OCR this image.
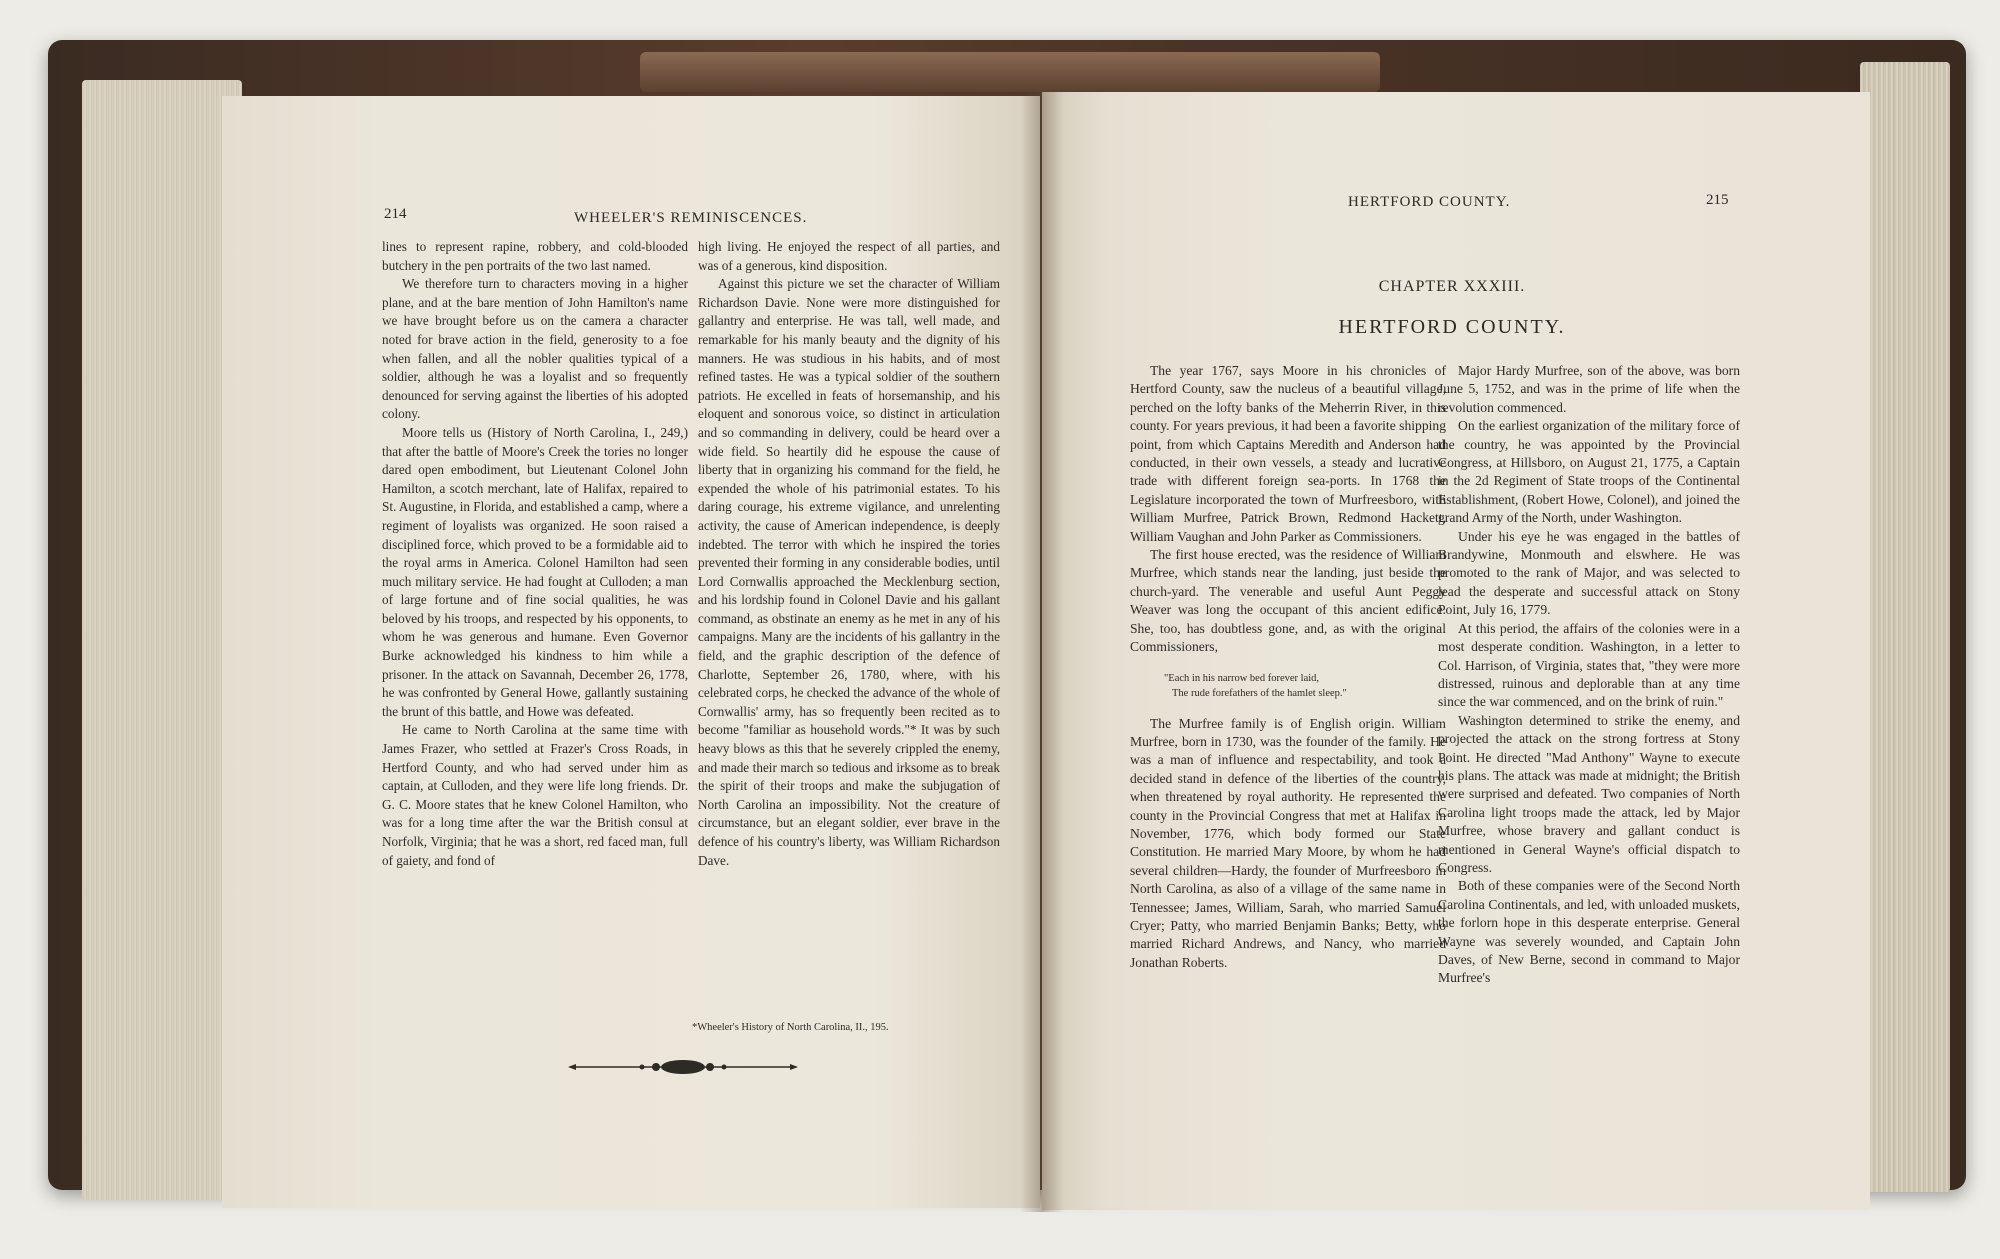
214	WHEELER'S REMINISCENCES.

lines to represent rapine, robbery, and cold-blooded butchery in the pen portraits of the two last named.

We therefore turn to characters moving in a higher plane, and at the bare mention of John Hamilton's name we have brought before us on the camera a character noted for brave action in the field, generosity to a foe when fallen, and all the nobler qualities typical of a soldier, although he was a loyalist and so frequently denounced for serving against the liberties of his adopted colony.

Moore tells us (History of North Carolina, I., 249,) that after the battle of Moore's Creek the tories no longer dared open embodiment, but Lieutenant Colonel John Hamilton, a scotch merchant, late of Halifax, repaired to St. Augustine, in Florida, and established a camp, where a regiment of loyalists was organized. He soon raised a disciplined force, which proved to be a formidable aid to the royal arms in America. Colonel Hamilton had seen much military service. He had fought at Culloden; a man of large fortune and of fine social qualities, he was beloved by his troops, and respected by his opponents, to whom he was generous and humane. Even Governor Burke acknowledged his kindness to him while a prisoner. In the attack on Savannah, December 26, 1778, he was confronted by General Howe, gallantly sustaining the brunt of this battle, and Howe was defeated.

He came to North Carolina at the same time with James Frazer, who settled at Frazer's Cross Roads, in Hertford County, and who had served under him as captain, at Culloden, and they were life long friends. Dr. G. C. Moore states that he knew Colonel Hamilton, who was for a long time after the war the British consul at Norfolk, Virginia; that he was a short, red faced man, full of gaiety, and fond of

high living. He enjoyed the respect of all parties, and was of a generous, kind disposition.

Against this picture we set the character of William Richardson Davie. None were more distinguished for gallantry and enterprise. He was tall, well made, and remarkable for his manly beauty and the dignity of his manners. He was studious in his habits, and of most refined tastes. He was a typical soldier of the southern patriots. He excelled in feats of horsemanship, and his eloquent and sonorous voice, so distinct in articulation and so commanding in delivery, could be heard over a wide field. So heartily did he espouse the cause of liberty that in organizing his command for the field, he expended the whole of his patrimonial estates. To his daring courage, his extreme vigilance, and unrelenting activity, the cause of American independence, is deeply indebted. The terror with which he inspired the tories prevented their forming in any considerable bodies, until Lord Cornwallis approached the Mecklenburg section, and his lordship found in Colonel Davie and his gallant command, as obstinate an enemy as he met in any of his campaigns. Many are the incidents of his gallantry in the field, and the graphic description of the defence of Charlotte, September 26, 1780, where, with his celebrated corps, he checked the advance of the whole of Cornwallis' army, has so frequently been recited as to become "familiar as household words."* It was by such heavy blows as this that he severely crippled the enemy, and made their march so tedious and irksome as to break the spirit of their troops and make the subjugation of North Carolina an impossibility. Not the creature of circumstance, but an elegant soldier, ever brave in the defence of his country's liberty, was William Richardson Dave.

*Wheeler's History of North Carolina, II., 195.
HERTFORD COUNTY.	215
CHAPTER XXXIII.
HERTFORD COUNTY.

The year 1767, says Moore in his chronicles of Hertford County, saw the nucleus of a beautiful village, perched on the lofty banks of the Meherrin River, in this county. For years previous, it had been a favorite shipping point, from which Captains Meredith and Anderson had conducted, in their own vessels, a steady and lucrative trade with different foreign sea-ports. In 1768 the Legislature incorporated the town of Murfreesboro, with William Murfree, Patrick Brown, Redmond Hackett, William Vaughan and John Parker as Commissioners.

The first house erected, was the residence of William Murfree, which stands near the landing, just beside the church-yard. The venerable and useful Aunt Peggy Weaver was long the occupant of this ancient edifice. She, too, has doubtless gone, and, as with the original Commissioners,

"Each in his narrow bed forever laid,
The rude forefathers of the hamlet sleep."

The Murfree family is of English origin. William Murfree, born in 1730, was the founder of the family. He was a man of influence and respectability, and took a decided stand in defence of the liberties of the country, when threatened by royal authority. He represented the county in the Provincial Congress that met at Halifax in November, 1776, which body formed our State Constitution. He married Mary Moore, by whom he had several children—Hardy, the founder of Murfreesboro in North Carolina, as also of a village of the same name in Tennessee; James, William, Sarah, who married Samuel Cryer; Patty, who married Benjamin Banks; Betty, who married Richard Andrews, and Nancy, who married Jonathan Roberts.

Major Hardy Murfree, son of the above, was born June 5, 1752, and was in the prime of life when the revolution commenced.

On the earliest organization of the military force of the country, he was appointed by the Provincial Congress, at Hillsboro, on August 21, 1775, a Captain in the 2d Regiment of State troops of the Continental Establishment, (Robert Howe, Colonel), and joined the grand Army of the North, under Washington.

Under his eye he was engaged in the battles of Brandywine, Monmouth and elswhere. He was promoted to the rank of Major, and was selected to lead the desperate and successful attack on Stony Point, July 16, 1779.

At this period, the affairs of the colonies were in a most desperate condition. Washington, in a letter to Col. Harrison, of Virginia, states that, "they were more distressed, ruinous and deplorable than at any time since the war commenced, and on the brink of ruin."

Washington determined to strike the enemy, and projected the attack on the strong fortress at Stony Point. He directed "Mad Anthony" Wayne to execute his plans. The attack was made at midnight; the British were surprised and defeated. Two companies of North Carolina light troops made the attack, led by Major Murfree, whose bravery and gallant conduct is mentioned in General Wayne's official dispatch to Congress.

Both of these companies were of the Second North Carolina Continentals, and led, with unloaded muskets, the forlorn hope in this desperate enterprise. General Wayne was severely wounded, and Captain John Daves, of New Berne, second in command to Major Murfree's
